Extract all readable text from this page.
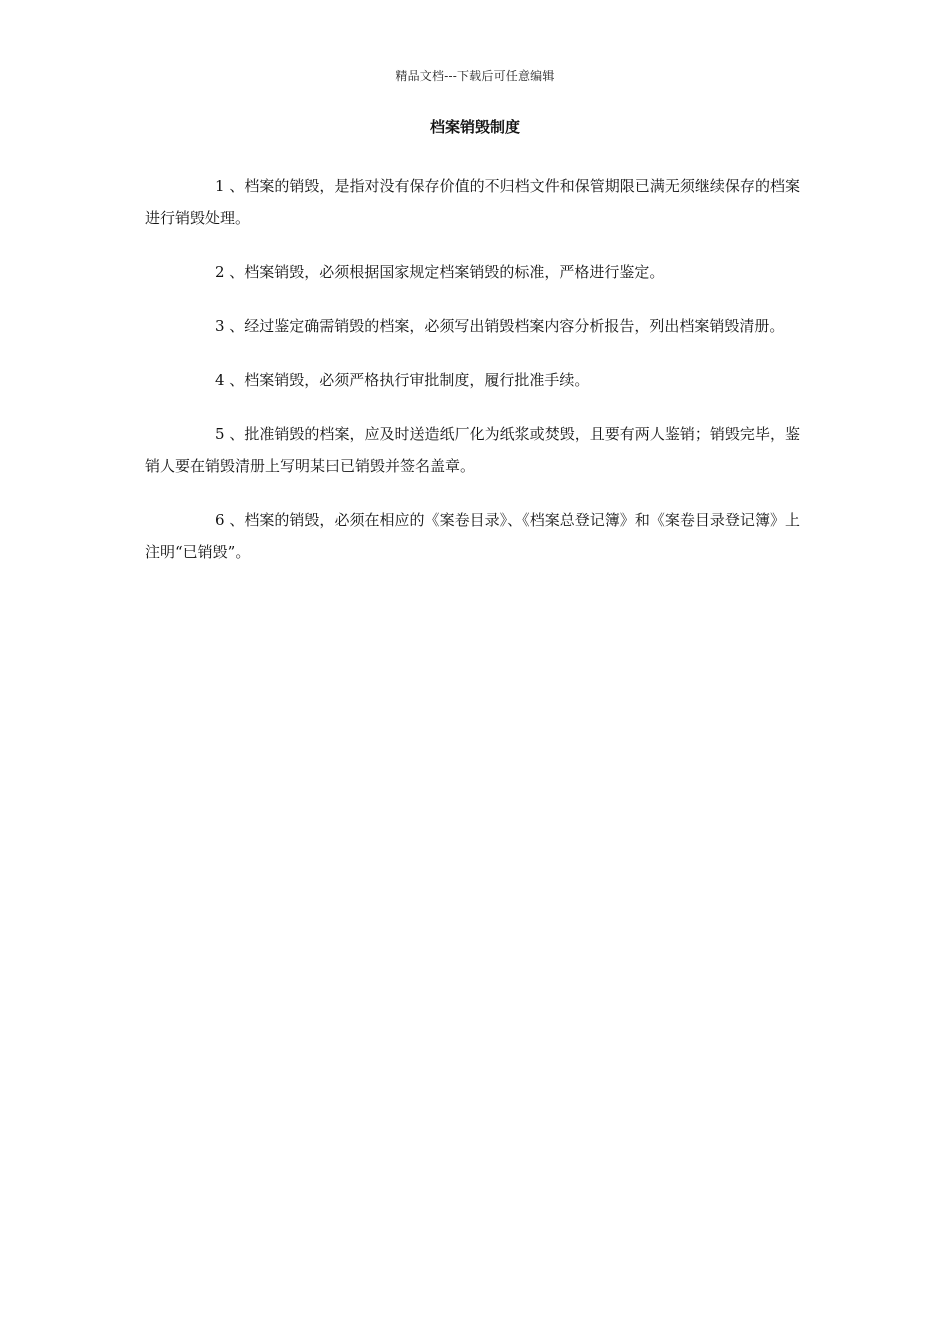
精品文档---下载后可任意编辑
档案销毁制度

1 、档案的销毁，是指对没有保存价值的不归档文件和保管期限已满无须继续保存的档案进行销毁处理。

2 、档案销毁，必须根据国家规定档案销毁的标准，严格进行鉴定。

3 、经过鉴定确需销毁的档案，必须写出销毁档案内容分析报告，列出档案销毁清册。

4 、档案销毁，必须严格执行审批制度，履行批准手续。

5 、批准销毁的档案，应及时送造纸厂化为纸浆或焚毁，且要有两人鉴销；销毁完毕，鉴销人要在销毁清册上写明某曰已销毁并签名盖章。

6 、档案的销毁，必须在相应的《案卷目录》、《档案总登记簿》和《案卷目录登记簿》上注明“已销毁”。
